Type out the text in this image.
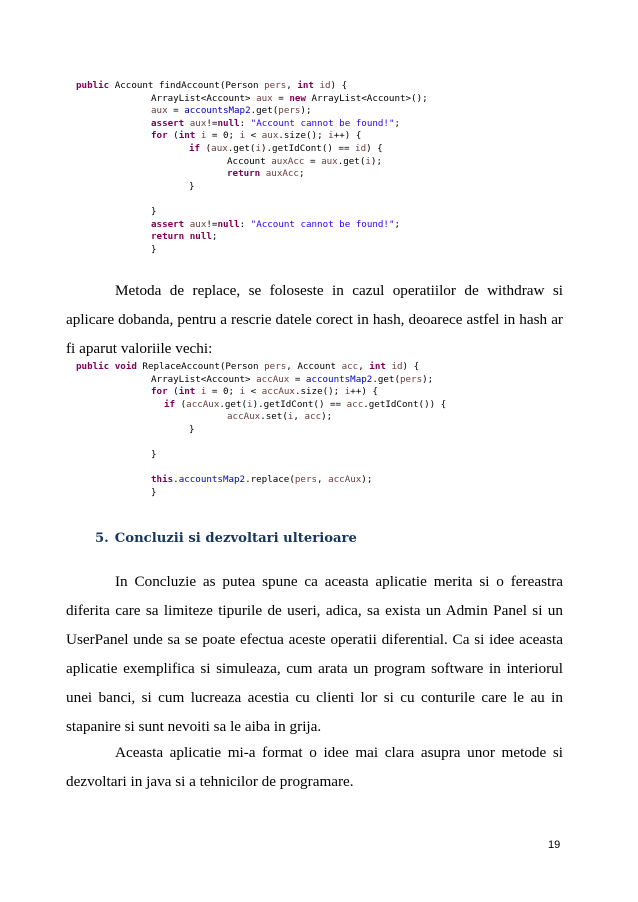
public Account findAccount(Person pers, int id) {
ArrayList<Account> aux = new ArrayList<Account>();
aux = accountsMap2.get(pers);
assert aux!=null: "Account cannot be found!";
for (int i = 0; i < aux.size(); i++) {
if (aux.get(i).getIdCont() == id) {
Account auxAcc = aux.get(i);
return auxAcc;
}
}
assert aux!=null: "Account cannot be found!";
return null;
}

Metoda de replace, se foloseste in cazul operatiilor de withdraw si aplicare dobanda, pentru a rescrie datele corect in hash, deoarece astfel in hash ar fi aparut valoriile vechi:

public void ReplaceAccount(Person pers, Account acc, int id) {
ArrayList<Account> accAux = accountsMap2.get(pers);
for (int i = 0; i < accAux.size(); i++) {
if (accAux.get(i).getIdCont() == acc.getIdCont()) {
accAux.set(i, acc);
}
}
this.accountsMap2.replace(pers, accAux);
}
5. Concluzii si dezvoltari ulterioare

In Concluzie as putea spune ca aceasta aplicatie merita si o fereastra diferita care sa limiteze tipurile de useri, adica, sa exista un Admin Panel si un UserPanel unde sa se poate efectua aceste operatii diferential. Ca si idee aceasta aplicatie exemplifica si simuleaza, cum arata un program software in interiorul unei banci, si cum lucreaza acestia cu clienti lor si cu conturile care le au in stapanire si sunt nevoiti sa le aiba in grija.

Aceasta aplicatie mi-a format o idee mai clara asupra unor metode si dezvoltari in java si a tehnicilor de programare.

19
